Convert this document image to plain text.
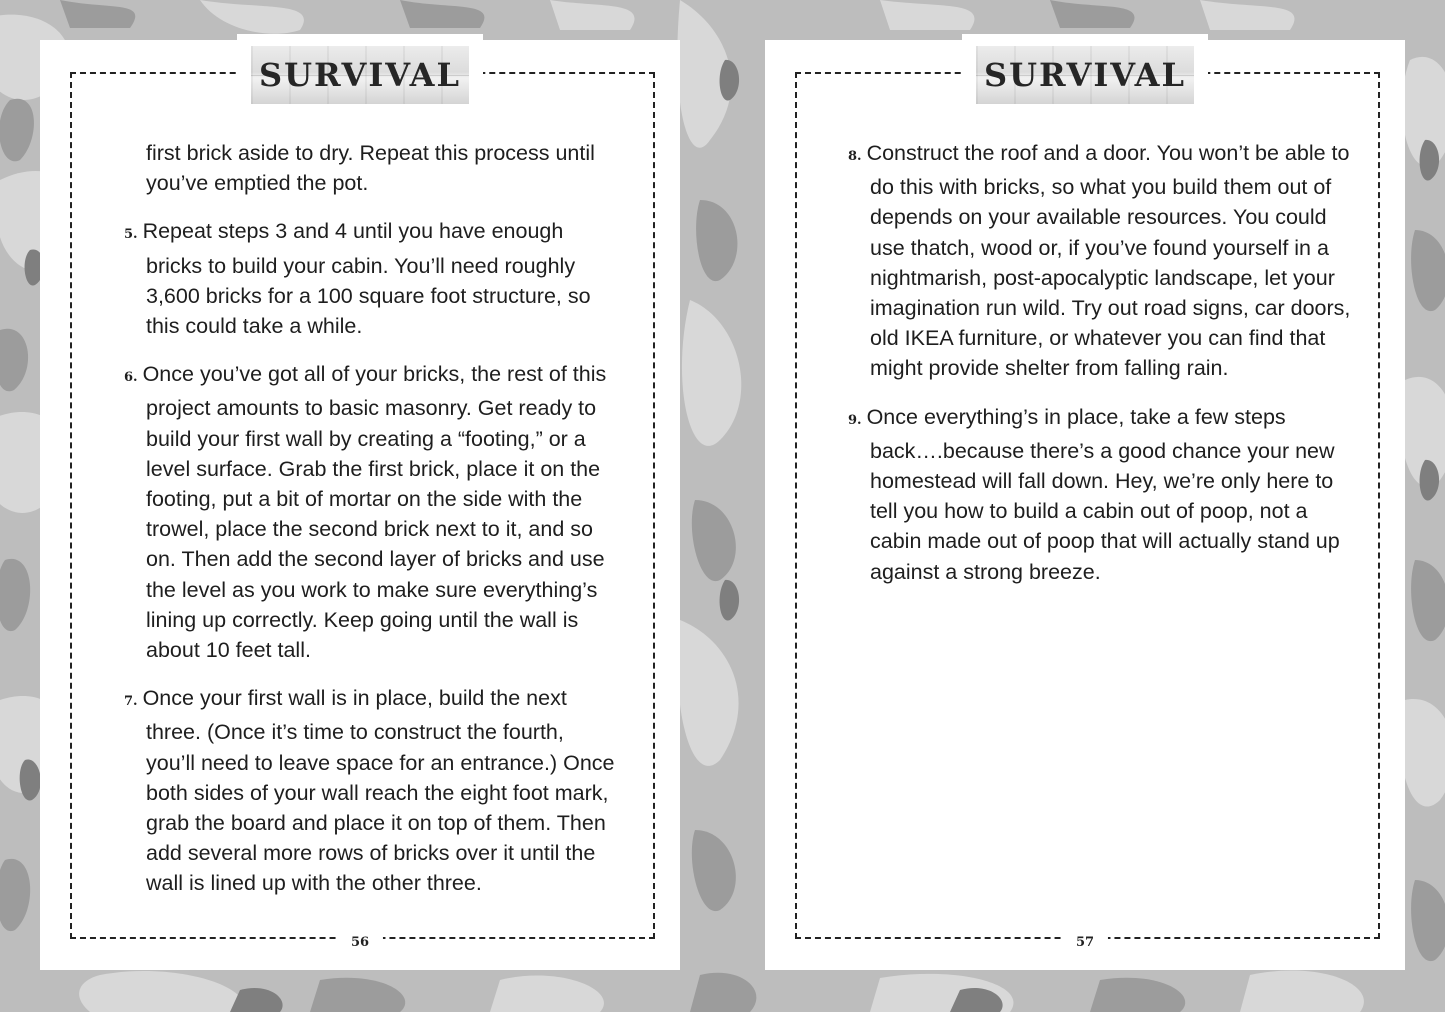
SURVIVAL

first brick aside to dry. Repeat this process until you’ve emptied the pot.

5. Repeat steps 3 and 4 until you have enough bricks to build your cabin. You’ll need roughly 3,600 bricks for a 100 square foot structure, so this could take a while.

6. Once you’ve got all of your bricks, the rest of this project amounts to basic masonry. Get ready to build your first wall by creating a “footing,” or a level surface. Grab the first brick, place it on the footing, put a bit of mortar on the side with the trowel, place the second brick next to it, and so on. Then add the second layer of bricks and use the level as you work to make sure everything’s lining up correctly. Keep going until the wall is about 10 feet tall.

7. Once your first wall is in place, build the next three. (Once it’s time to construct the fourth, you’ll need to leave space for an entrance.) Once both sides of your wall reach the eight foot mark, grab the board and place it on top of them. Then add several more rows of bricks over it until the wall is lined up with the other three.

56
SURVIVAL

8. Construct the roof and a door. You won’t be able to do this with bricks, so what you build them out of depends on your available resources. You could use thatch, wood or, if you’ve found yourself in a nightmarish, post-apocalyptic landscape, let your imagination run wild. Try out road signs, car doors, old IKEA furniture, or whatever you can find that might provide shelter from falling rain.

9. Once everything’s in place, take a few steps back….because there’s a good chance your new homestead will fall down. Hey, we’re only here to tell you how to build a cabin out of poop, not a cabin made out of poop that will actually stand up against a strong breeze.

57
